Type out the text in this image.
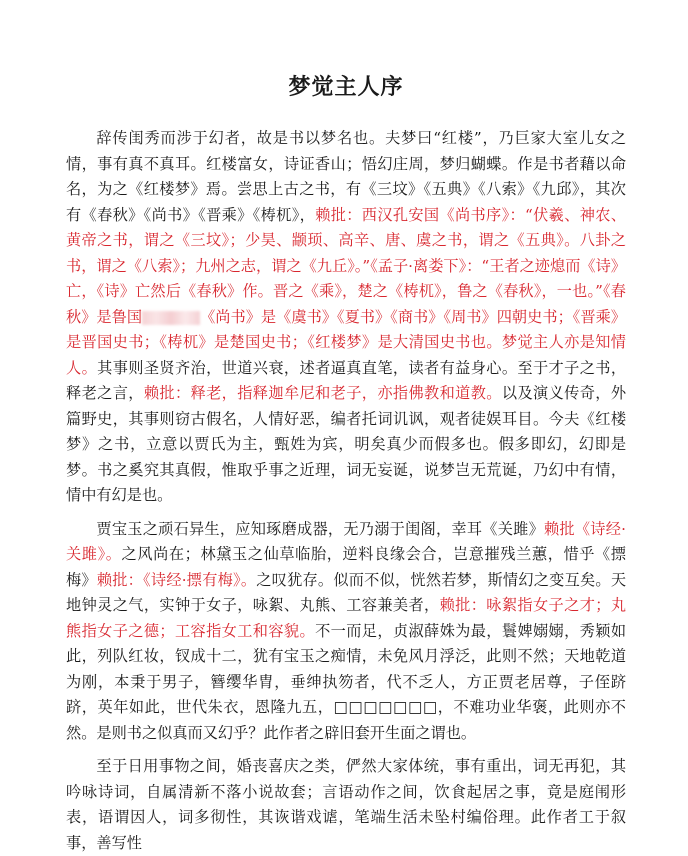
梦觉主人序

辞传闺秀而涉于幻者，故是书以梦名也。夫梦曰“红楼”，乃巨家大室儿女之情，事有真不真耳。红楼富女，诗证香山；悟幻庄周，梦归蝴蝶。作是书者藉以命名，为之《红楼梦》焉。尝思上古之书，有《三坟》《五典》《八索》《九邱》，其次有《春秋》《尚书》《晋乘》《梼杌》，赖批：西汉孔安国《尚书序》：“伏羲、神农、黄帝之书，谓之《三坟》；少昊、颛顼、高辛、唐、虞之书，谓之《五典》。八卦之书，谓之《八索》；九州之志，谓之《九丘》。”《孟子·离娄下》：“王者之迹熄而《诗》亡，《诗》亡然后《春秋》作。晋之《乘》，楚之《梼杌》，鲁之《春秋》，一也。”《春秋》是鲁国	《尚书》是《虞书》《夏书》《商书》《周书》四朝史书；《晋乘》是晋国史书；《梼杌》是楚国史书；《红楼梦》是大清国史书也。梦觉主人亦是知情人。其事则圣贤齐治，世道兴衰，述者逼真直笔，读者有益身心。至于才子之书，释老之言，赖批：释老，指释迦牟尼和老子，亦指佛教和道教。以及演义传奇，外篇野史，其事则窃古假名，人情好恶，编者托词讥讽，观者徒娱耳目。今夫《红楼梦》之书，立意以贾氏为主，甄姓为宾，明矣真少而假多也。假多即幻，幻即是梦。书之奚究其真假，惟取乎事之近理，词无妄诞，说梦岂无荒诞，乃幻中有情，情中有幻是也。

贾宝玉之顽石异生，应知琢磨成器，无乃溺于闺阁，幸耳《关雎》赖批《诗经·关雎》。之风尚在；林黛玉之仙草临胎，逆料良缘会合，岂意摧残兰蕙，惜乎《摽梅》赖批：《诗经·摽有梅》。之叹犹存。似而不似，恍然若梦，斯情幻之变互矣。天地钟灵之气，实钟于女子，咏絮、丸熊、工容兼美者，赖批：咏絮指女子之才；丸熊指女子之德；工容指女工和容貌。不一而足，贞淑薛姝为最，鬟婢嫋嫋，秀颖如此，列队红妆，钗成十二，犹有宝玉之痴情，未免风月浮泛，此则不然；天地乾道为刚，本秉于男子，簪缨华胄，垂绅执笏者，代不乏人，方正贾老居尊，子侄跻跻，英年如此，世代朱衣，恩隆九五，□□□□□□□，不难功业华褒，此则亦不然。是则书之似真而又幻乎？此作者之辟旧套开生面之谓也。

至于日用事物之间，婚丧喜庆之类，俨然大家体统，事有重出，词无再犯，其吟咏诗词，自属清新不落小说故套；言语动作之间，饮食起居之事，竟是庭闱形表，语谓因人，词多彻性，其诙谐戏谑，笔端生活未坠村编俗理。此作者工于叙事，善写性
